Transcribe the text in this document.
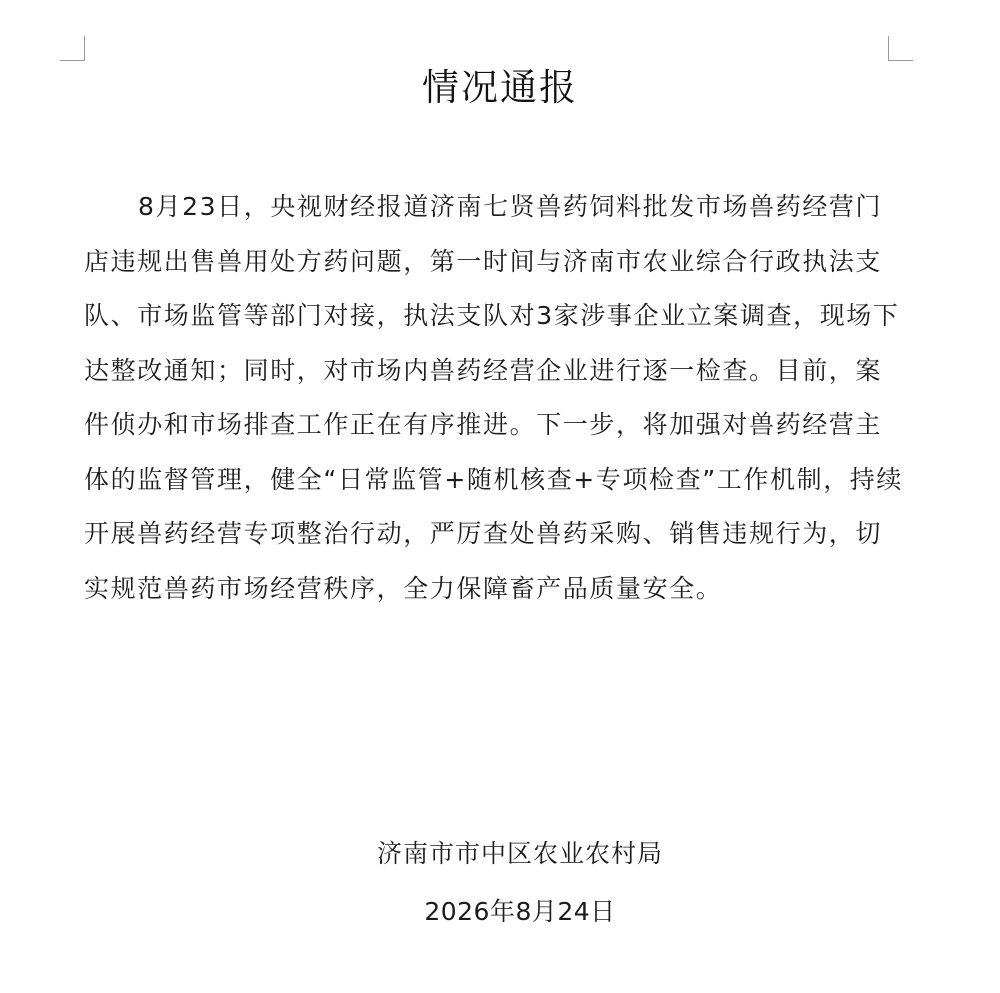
情况通报

8月23日，央视财经报道济南七贤兽药饲料批发市场兽药经营门店违规出售兽用处方药问题，第一时间与济南市农业综合行政执法支队、市场监管等部门对接，执法支队对3家涉事企业立案调查，现场下达整改通知；同时，对市场内兽药经营企业进行逐一检查。目前，案件侦办和市场排查工作正在有序推进。下一步，将加强对兽药经营主体的监督管理，健全“日常监管+随机核查+专项检查”工作机制，持续开展兽药经营专项整治行动，严厉查处兽药采购、销售违规行为，切实规范兽药市场经营秩序，全力保障畜产品质量安全。

济南市市中区农业农村局
2026年8月24日
